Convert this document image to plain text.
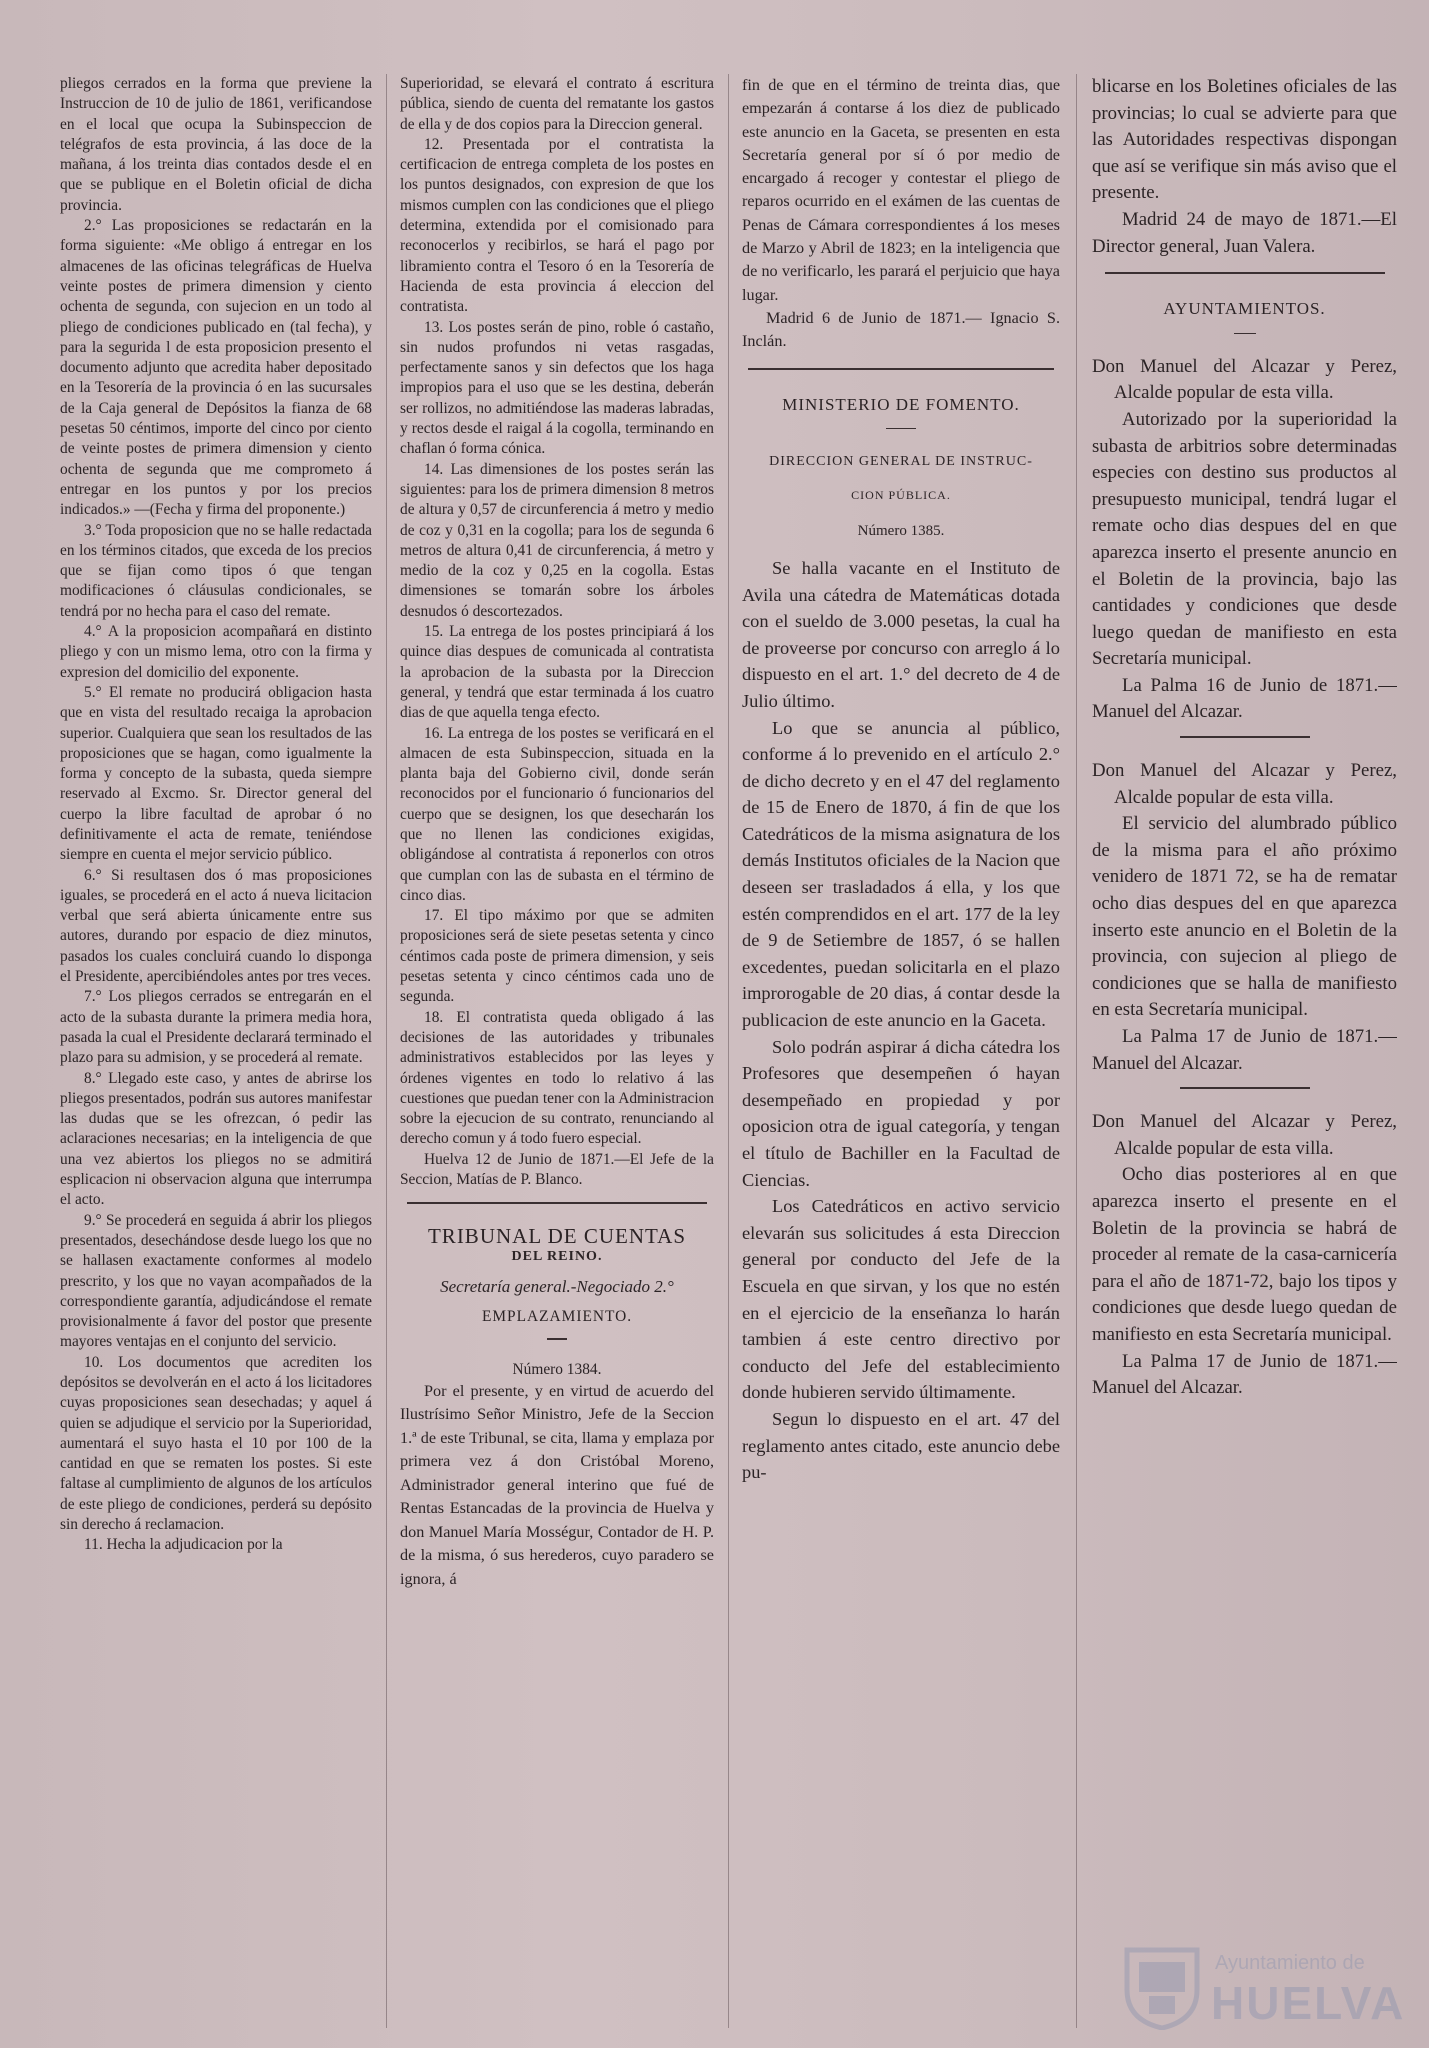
pliegos cerrados en la forma que previene la Instruccion de 10 de julio de 1861, verificandose en el local que ocupa la Subinspeccion de telégrafos de esta provincia, á las doce de la mañana, á los treinta dias contados desde el en que se publique en el Boletin oficial de dicha provincia.

2.° Las proposiciones se redactarán en la forma siguiente: «Me obligo á entregar en los almacenes de las oficinas telegráficas de Huelva veinte postes de primera dimension y ciento ochenta de segunda, con sujecion en un todo al pliego de condiciones publicado en (tal fecha), y para la segurida l de esta proposicion presento el documento adjunto que acredita haber depositado en la Tesorería de la provincia ó en las sucursales de la Caja general de Depósitos la fianza de 68 pesetas 50 céntimos, importe del cinco por ciento de veinte postes de primera dimension y ciento ochenta de segunda que me comprometo á entregar en los puntos y por los precios indicados.» —(Fecha y firma del proponente.)

3.° Toda proposicion que no se halle redactada en los términos citados, que exceda de los precios que se fijan como tipos ó que tengan modificaciones ó cláusulas condicionales, se tendrá por no hecha para el caso del remate.

4.° A la proposicion acompañará en distinto pliego y con un mismo lema, otro con la firma y expresion del domicilio del exponente.

5.° El remate no producirá obligacion hasta que en vista del resultado recaiga la aprobacion superior. Cualquiera que sean los resultados de las proposiciones que se hagan, como igualmente la forma y concepto de la subasta, queda siempre reservado al Excmo. Sr. Director general del cuerpo la libre facultad de aprobar ó no definitivamente el acta de remate, teniéndose siempre en cuenta el mejor servicio público.

6.° Si resultasen dos ó mas proposiciones iguales, se procederá en el acto á nueva licitacion verbal que será abierta únicamente entre sus autores, durando por espacio de diez minutos, pasados los cuales concluirá cuando lo disponga el Presidente, apercibiéndoles antes por tres veces.

7.° Los pliegos cerrados se entregarán en el acto de la subasta durante la primera media hora, pasada la cual el Presidente declarará terminado el plazo para su admision, y se procederá al remate.

8.° Llegado este caso, y antes de abrirse los pliegos presentados, podrán sus autores manifestar las dudas que se les ofrezcan, ó pedir las aclaraciones necesarias; en la inteligencia de que una vez abiertos los pliegos no se admitirá esplicacion ni observacion alguna que interrumpa el acto.

9.° Se procederá en seguida á abrir los pliegos presentados, desechándose desde luego los que no se hallasen exactamente conformes al modelo prescrito, y los que no vayan acompañados de la correspondiente garantía, adjudicándose el remate provisionalmente á favor del postor que presente mayores ventajas en el conjunto del servicio.

10. Los documentos que acrediten los depósitos se devolverán en el acto á los licitadores cuyas proposiciones sean desechadas; y aquel á quien se adjudique el servicio por la Superioridad, aumentará el suyo hasta el 10 por 100 de la cantidad en que se rematen los postes. Si este faltase al cumplimiento de algunos de los artículos de este pliego de condiciones, perderá su depósito sin derecho á reclamacion.

11. Hecha la adjudicacion por la

Superioridad, se elevará el contrato á escritura pública, siendo de cuenta del rematante los gastos de ella y de dos copios para la Direccion general.

12. Presentada por el contratista la certificacion de entrega completa de los postes en los puntos designados, con expresion de que los mismos cumplen con las condiciones que el pliego determina, extendida por el comisionado para reconocerlos y recibirlos, se hará el pago por libramiento contra el Tesoro ó en la Tesorería de Hacienda de esta provincia á eleccion del contratista.

13. Los postes serán de pino, roble ó castaño, sin nudos profundos ni vetas rasgadas, perfectamente sanos y sin defectos que los haga impropios para el uso que se les destina, deberán ser rollizos, no admitiéndose las maderas labradas, y rectos desde el raigal á la cogolla, terminando en chaflan ó forma cónica.

14. Las dimensiones de los postes serán las siguientes: para los de primera dimension 8 metros de altura y 0,57 de circunferencia á metro y medio de coz y 0,31 en la cogolla; para los de segunda 6 metros de altura 0,41 de circunferencia, á metro y medio de la coz y 0,25 en la cogolla. Estas dimensiones se tomarán sobre los árboles desnudos ó descortezados.

15. La entrega de los postes principiará á los quince dias despues de comunicada al contratista la aprobacion de la subasta por la Direccion general, y tendrá que estar terminada á los cuatro dias de que aquella tenga efecto.

16. La entrega de los postes se verificará en el almacen de esta Subinspeccion, situada en la planta baja del Gobierno civil, donde serán reconocidos por el funcionario ó funcionarios del cuerpo que se designen, los que desecharán los que no llenen las condiciones exigidas, obligándose al contratista á reponerlos con otros que cumplan con las de subasta en el término de cinco dias.

17. El tipo máximo por que se admiten proposiciones será de siete pesetas setenta y cinco céntimos cada poste de primera dimension, y seis pesetas setenta y cinco céntimos cada uno de segunda.

18. El contratista queda obligado á las decisiones de las autoridades y tribunales administrativos establecidos por las leyes y órdenes vigentes en todo lo relativo á las cuestiones que puedan tener con la Administracion sobre la ejecucion de su contrato, renunciando al derecho comun y á todo fuero especial.

Huelva 12 de Junio de 1871.—El Jefe de la Seccion, Matías de P. Blanco.

TRIBUNAL DE CUENTAS

DEL REINO.

Secretaría general.-Negociado 2.°

EMPLAZAMIENTO.

Número 1384.

Por el presente, y en virtud de acuerdo del Ilustrísimo Señor Ministro, Jefe de la Seccion 1.ª de este Tribunal, se cita, llama y emplaza por primera vez á don Cristóbal Moreno, Administrador general interino que fué de Rentas Estancadas de la provincia de Huelva y don Manuel María Mosségur, Contador de H. P. de la misma, ó sus herederos, cuyo paradero se ignora, á

fin de que en el término de treinta dias, que empezarán á contarse á los diez de publicado este anuncio en la Gaceta, se presenten en esta Secretaría general por sí ó por medio de encargado á recoger y contestar el pliego de reparos ocurrido en el exámen de las cuentas de Penas de Cámara correspondientes á los meses de Marzo y Abril de 1823; en la inteligencia que de no verificarlo, les parará el perjuicio que haya lugar.

Madrid 6 de Junio de 1871.— Ignacio S. Inclán.

MINISTERIO DE FOMENTO.

DIRECCION GENERAL DE INSTRUC-

CION PÚBLICA.

Número 1385.

Se halla vacante en el Instituto de Avila una cátedra de Matemáticas dotada con el sueldo de 3.000 pesetas, la cual ha de proveerse por concurso con arreglo á lo dispuesto en el art. 1.° del decreto de 4 de Julio último.

Lo que se anuncia al público, conforme á lo prevenido en el artículo 2.° de dicho decreto y en el 47 del reglamento de 15 de Enero de 1870, á fin de que los Catedráticos de la misma asignatura de los demás Institutos oficiales de la Nacion que deseen ser trasladados á ella, y los que estén comprendidos en el art. 177 de la ley de 9 de Setiembre de 1857, ó se hallen excedentes, puedan solicitarla en el plazo improrogable de 20 dias, á contar desde la publicacion de este anuncio en la Gaceta.

Solo podrán aspirar á dicha cátedra los Profesores que desempeñen ó hayan desempeñado en propiedad y por oposicion otra de igual categoría, y tengan el título de Bachiller en la Facultad de Ciencias.

Los Catedráticos en activo servicio elevarán sus solicitudes á esta Direccion general por conducto del Jefe de la Escuela en que sirvan, y los que no estén en el ejercicio de la enseñanza lo harán tambien á este centro directivo por conducto del Jefe del establecimiento donde hubieren servido últimamente.

Segun lo dispuesto en el art. 47 del reglamento antes citado, este anuncio debe pu-

blicarse en los Boletines oficiales de las provincias; lo cual se advierte para que las Autoridades respectivas dispongan que así se verifique sin más aviso que el presente.

Madrid 24 de mayo de 1871.—El Director general, Juan Valera.

AYUNTAMIENTOS.

Don Manuel del Alcazar y Perez, Alcalde popular de esta villa.

Autorizado por la superioridad la subasta de arbitrios sobre determinadas especies con destino sus productos al presupuesto municipal, tendrá lugar el remate ocho dias despues del en que aparezca inserto el presente anuncio en el Boletin de la provincia, bajo las cantidades y condiciones que desde luego quedan de manifiesto en esta Secretaría municipal.

La Palma 16 de Junio de 1871.—Manuel del Alcazar.

Don Manuel del Alcazar y Perez, Alcalde popular de esta villa.

El servicio del alumbrado público de la misma para el año próximo venidero de 1871 72, se ha de rematar ocho dias despues del en que aparezca inserto este anuncio en el Boletin de la provincia, con sujecion al pliego de condiciones que se halla de manifiesto en esta Secretaría municipal.

La Palma 17 de Junio de 1871.—Manuel del Alcazar.

Don Manuel del Alcazar y Perez, Alcalde popular de esta villa.

Ocho dias posteriores al en que aparezca inserto el presente en el Boletin de la provincia se habrá de proceder al remate de la casa-carnicería para el año de 1871-72, bajo los tipos y condiciones que desde luego quedan de manifiesto en esta Secretaría municipal.

La Palma 17 de Junio de 1871.—Manuel del Alcazar.

Ayuntamiento de
HUELVA
